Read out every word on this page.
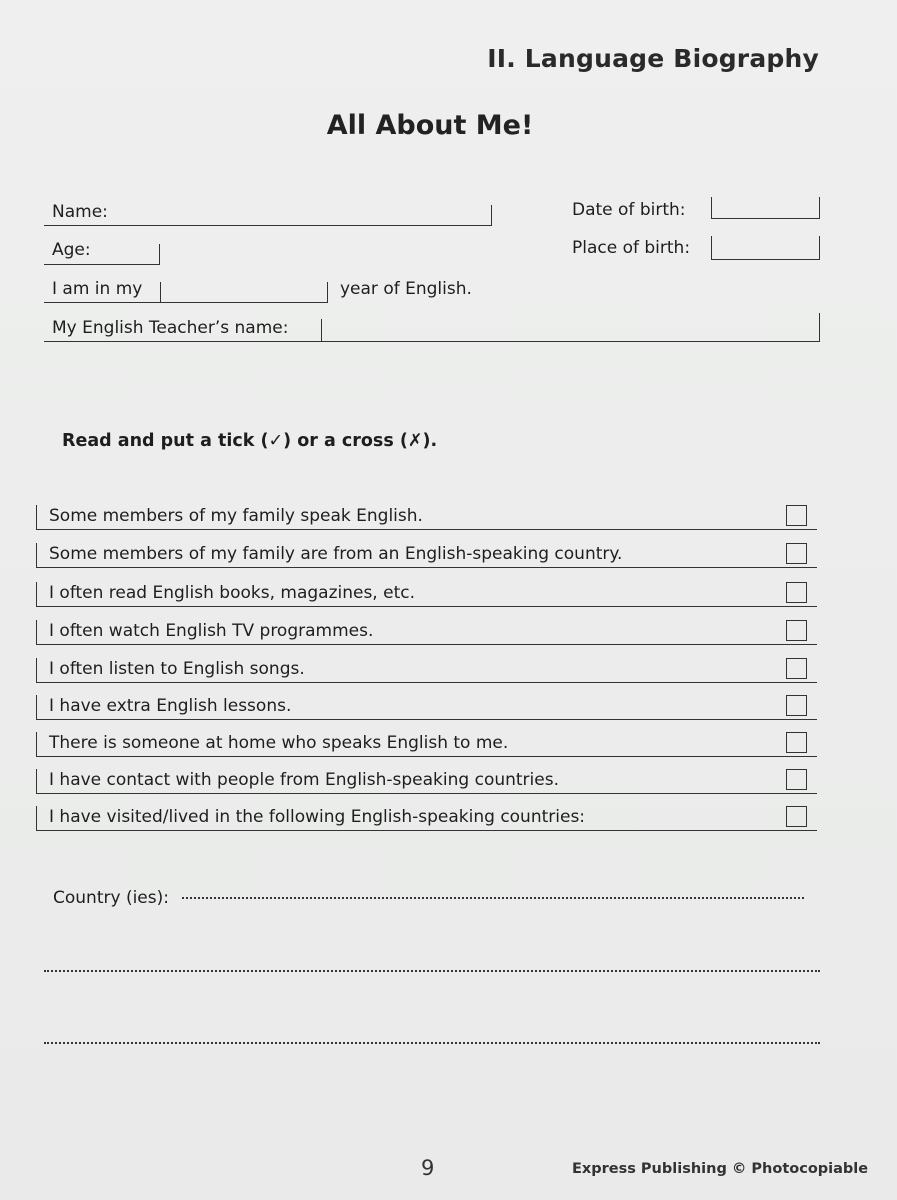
II. Language Biography
All About Me!
Name:
Age:
I am in my	year of English.
My English Teacher’s name:
Date of birth:
Place of birth:
Read and put a tick (✓) or a cross (✗).
Some members of my family speak English.
Some members of my family are from an English-speaking country.
I often read English books, magazines, etc.
I often watch English TV programmes.
I often listen to English songs.
I have extra English lessons.
There is someone at home who speaks English to me.
I have contact with people from English-speaking countries.
I have visited/lived in the following English-speaking countries:
Country (ies):
9	Express Publishing © Photocopiable
